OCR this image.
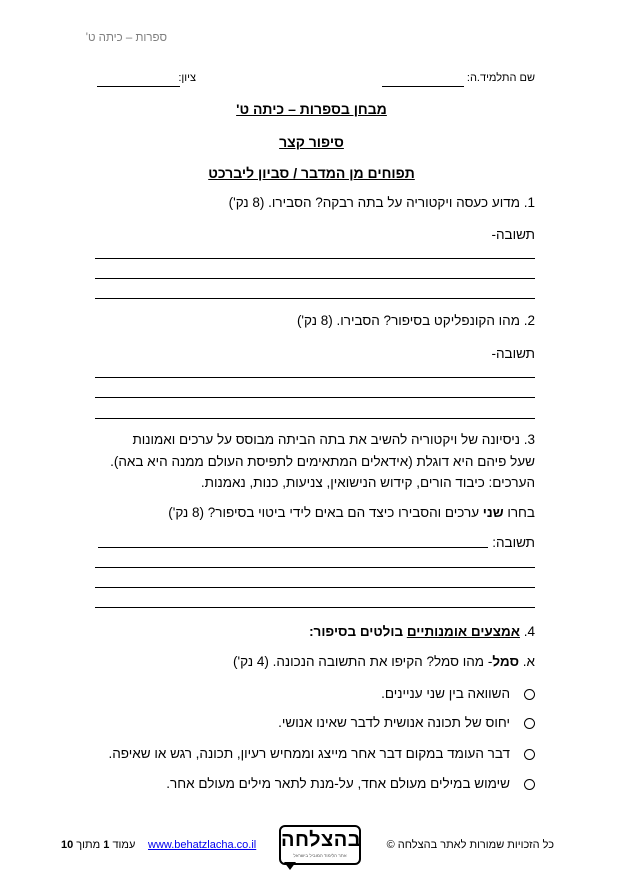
ספרות – כיתה ט'
שם התלמיד.ה:
ציון:
מבחן בספרות – כיתה ט'
סיפור קצר
תפוחים מן המדבר / סביון ליברכט
1. מדוע כעסה ויקטוריה על בתה רבקה? הסבירו. (8 נק')
תשובה-
2. מהו הקונפליקט בסיפור? הסבירו. (8 נק')
תשובה-
3. ניסיונה של ויקטוריה להשיב את בתה הביתה מבוסס על ערכים ואמונות
שעל פיהם היא דוגלת (אידאלים המתאימים לתפיסת העולם ממנה היא באה).
הערכים: כיבוד הורים, קידוש הנישואין, צניעות, כנות, נאמנות.
בחרו שני ערכים והסבירו כיצד הם באים לידי ביטוי בסיפור? (8 נק')
תשובה:
4. אמצעים אומנותיים בולטים בסיפור:
א. סמל- מהו סמל? הקיפו את התשובה הנכונה. (4 נק')
השוואה בין שני עניינים.
יחוס של תכונה אנושית לדבר שאינו אנושי.
דבר העומד במקום דבר אחר מייצג וממחיש רעיון, תכונה, רגש או שאיפה.
שימוש במילים מעולם אחד, על-מנת לתאר מילים מעולם אחר.
כל הזכויות שמורות לאתר בהצלחה ©
בהצלחה
אתר הלימוד המוביל בישראל
www.behatzlacha.co.il
עמוד 1 מתוך 10
